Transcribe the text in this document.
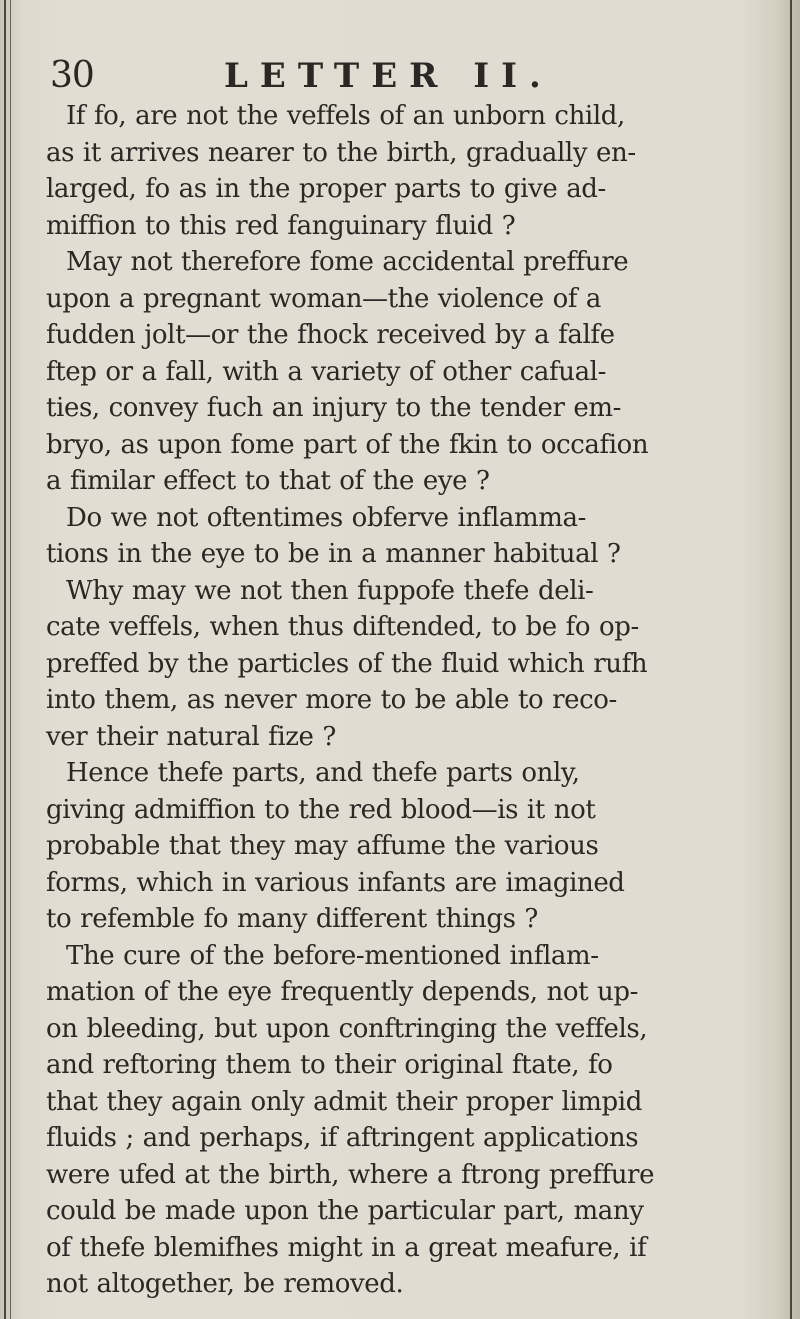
30	LETTER II.
If fo, are not the veffels of an unborn child,
as it arrives nearer to the birth, gradually en-
larged, fo as in the proper parts to give ad-
miffion to this red fanguinary fluid ?
May not therefore fome accidental preffure
upon a pregnant woman—the violence of a
fudden jolt—or the fhock received by a falfe
ftep or a fall, with a variety of other cafual-
ties, convey fuch an injury to the tender em-
bryo, as upon fome part of the fkin to occafion
a fimilar effect to that of the eye ?
Do we not oftentimes obferve inflamma-
tions in the eye to be in a manner habitual ?
Why may we not then fuppofe thefe deli-
cate veffels, when thus diftended, to be fo op-
preffed by the particles of the fluid which rufh
into them, as never more to be able to reco-
ver their natural fize ?
Hence thefe parts, and thefe parts only,
giving admiffion to the red blood—is it not
probable that they may affume the various
forms, which in various infants are imagined
to refemble fo many different things ?
The cure of the before-mentioned inflam-
mation of the eye frequently depends, not up-
on bleeding, but upon conftringing the veffels,
and reftoring them to their original ftate, fo
that they again only admit their proper limpid
fluids ; and perhaps, if aftringent applications
were ufed at the birth, where a ftrong preffure
could be made upon the particular part, many
of thefe blemifhes might in a great meafure, if
not altogether, be removed.
